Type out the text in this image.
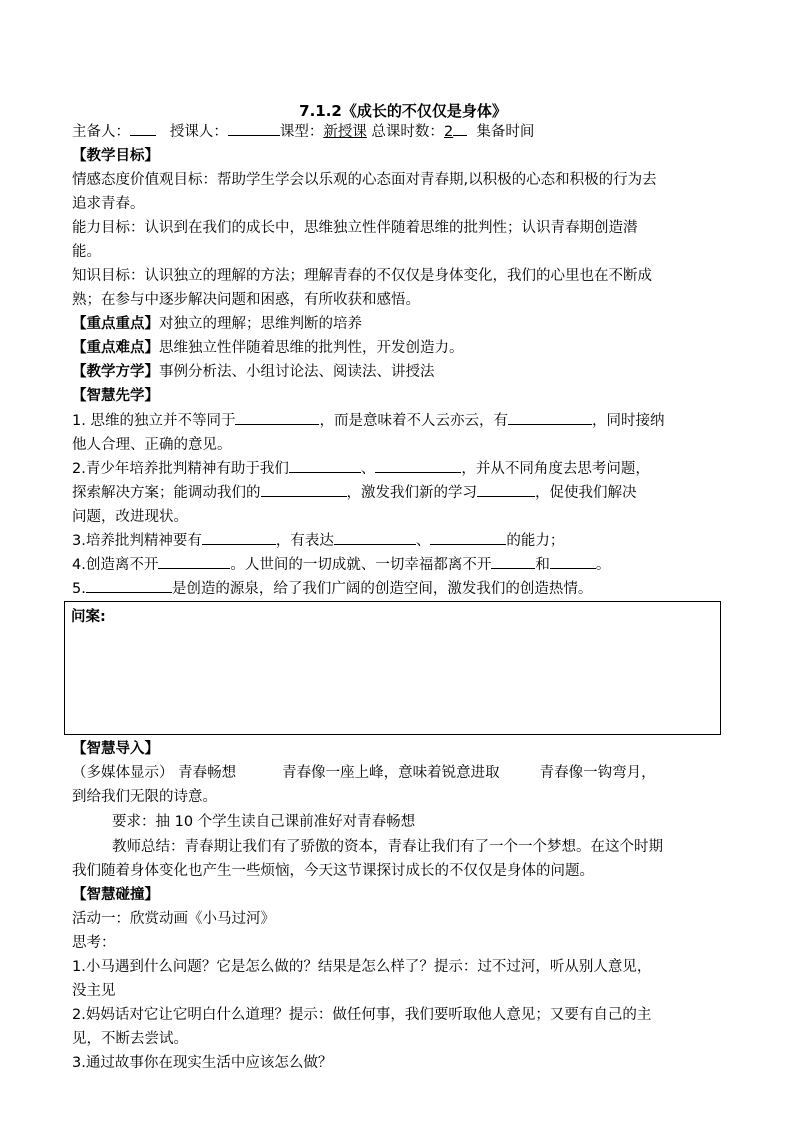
7.1.2《成长的不仅仅是身体》
主备人：	授课人：	课型：新授课 总课时数：2 集备时间
【教学目标】
情感态度价值观目标：帮助学生学会以乐观的心态面对青春期,以积极的心态和积极的行为去
追求青春。
能力目标：认识到在我们的成长中，思维独立性伴随着思维的批判性；认识青春期创造潜
能。
知识目标：认识独立的理解的方法；理解青春的不仅仅是身体变化，我们的心里也在不断成
熟；在参与中逐步解决问题和困惑，有所收获和感悟。
【重点重点】对独立的理解；思维判断的培养
【重点难点】思维独立性伴随着思维的批判性，开发创造力。
【教学方学】事例分析法、小组讨论法、阅读法、讲授法
【智慧先学】
1. 思维的独立并不等同于	，而是意味着不人云亦云，有	，同时接纳
他人合理、正确的意见。
2.青少年培养批判精神有助于我们	、	，并从不同角度去思考问题，
探索解决方案；能调动我们的	，激发我们新的学习	，促使我们解决
问题，改进现状。
3.培养批判精神要有	，有表达	、	的能力；
4.创造离不开	。人世间的一切成就、一切幸福都离不开	和	。
5.	是创造的源泉，给了我们广阔的创造空间，激发我们的创造热情。
问案:
【智慧导入】
（多媒体显示） 青春畅想	青春像一座上峰，意味着锐意进取	青春像一钩弯月，
到给我们无限的诗意。
要求：抽 10 个学生读自己课前准好对青春畅想
教师总结：青春期让我们有了骄傲的资本，青春让我们有了一个一个梦想。在这个时期
我们随着身体变化也产生一些烦恼，今天这节课探讨成长的不仅仅是身体的问题。
【智慧碰撞】
活动一：欣赏动画《小马过河》
思考：
1.小马遇到什么问题？它是怎么做的？结果是怎么样了？提示：过不过河，听从别人意见，
没主见
2.妈妈话对它让它明白什么道理？提示：做任何事，我们要听取他人意见；又要有自己的主
见，不断去尝试。
3.通过故事你在现实生活中应该怎么做？
